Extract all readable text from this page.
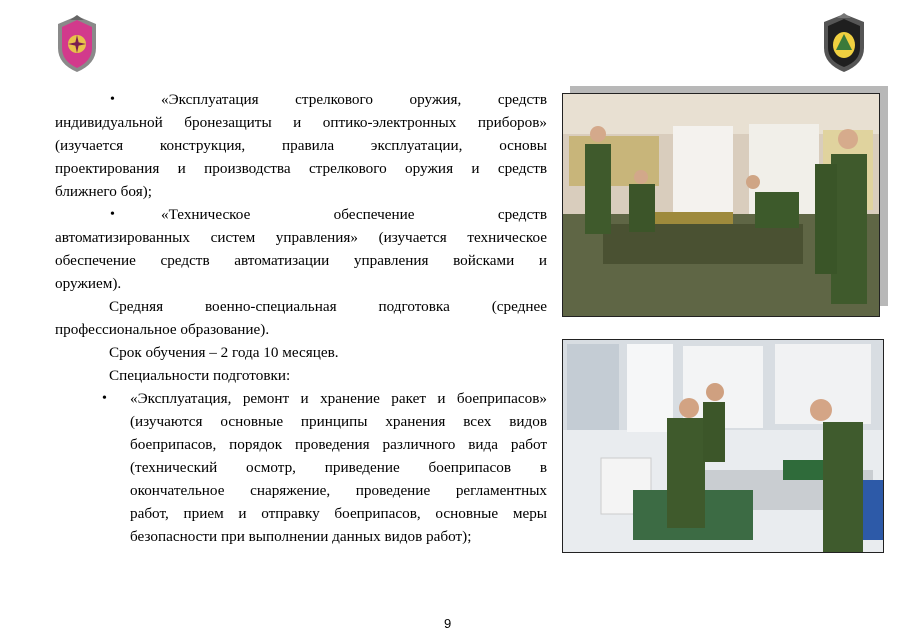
•	«Эксплуатация стрелкового оружия, средств

индивидуальной бронезащиты и оптико-электронных приборов»

(изучается конструкция, правила эксплуатации, основы

проектирования и производства стрелкового оружия и средств

ближнего боя);

•	«Техническое обеспечение средств

автоматизированных систем управления» (изучается техническое

обеспечение средств автоматизации управления войсками и

оружием).

Средняя военно-специальная подготовка (среднее

профессиональное образование).

Срок обучения – 2 года 10 месяцев.

Специальности подготовки:

•	«Эксплуатация, ремонт и хранение ракет и боеприпасов»

(изучаются основные принципы хранения всех видов

боеприпасов, порядок проведения различного вида работ

(технический осмотр, приведение боеприпасов в

окончательное снаряжение, проведение регламентных

работ, прием и отправку боеприпасов, основные меры

безопасности при выполнении данных видов работ);

9
